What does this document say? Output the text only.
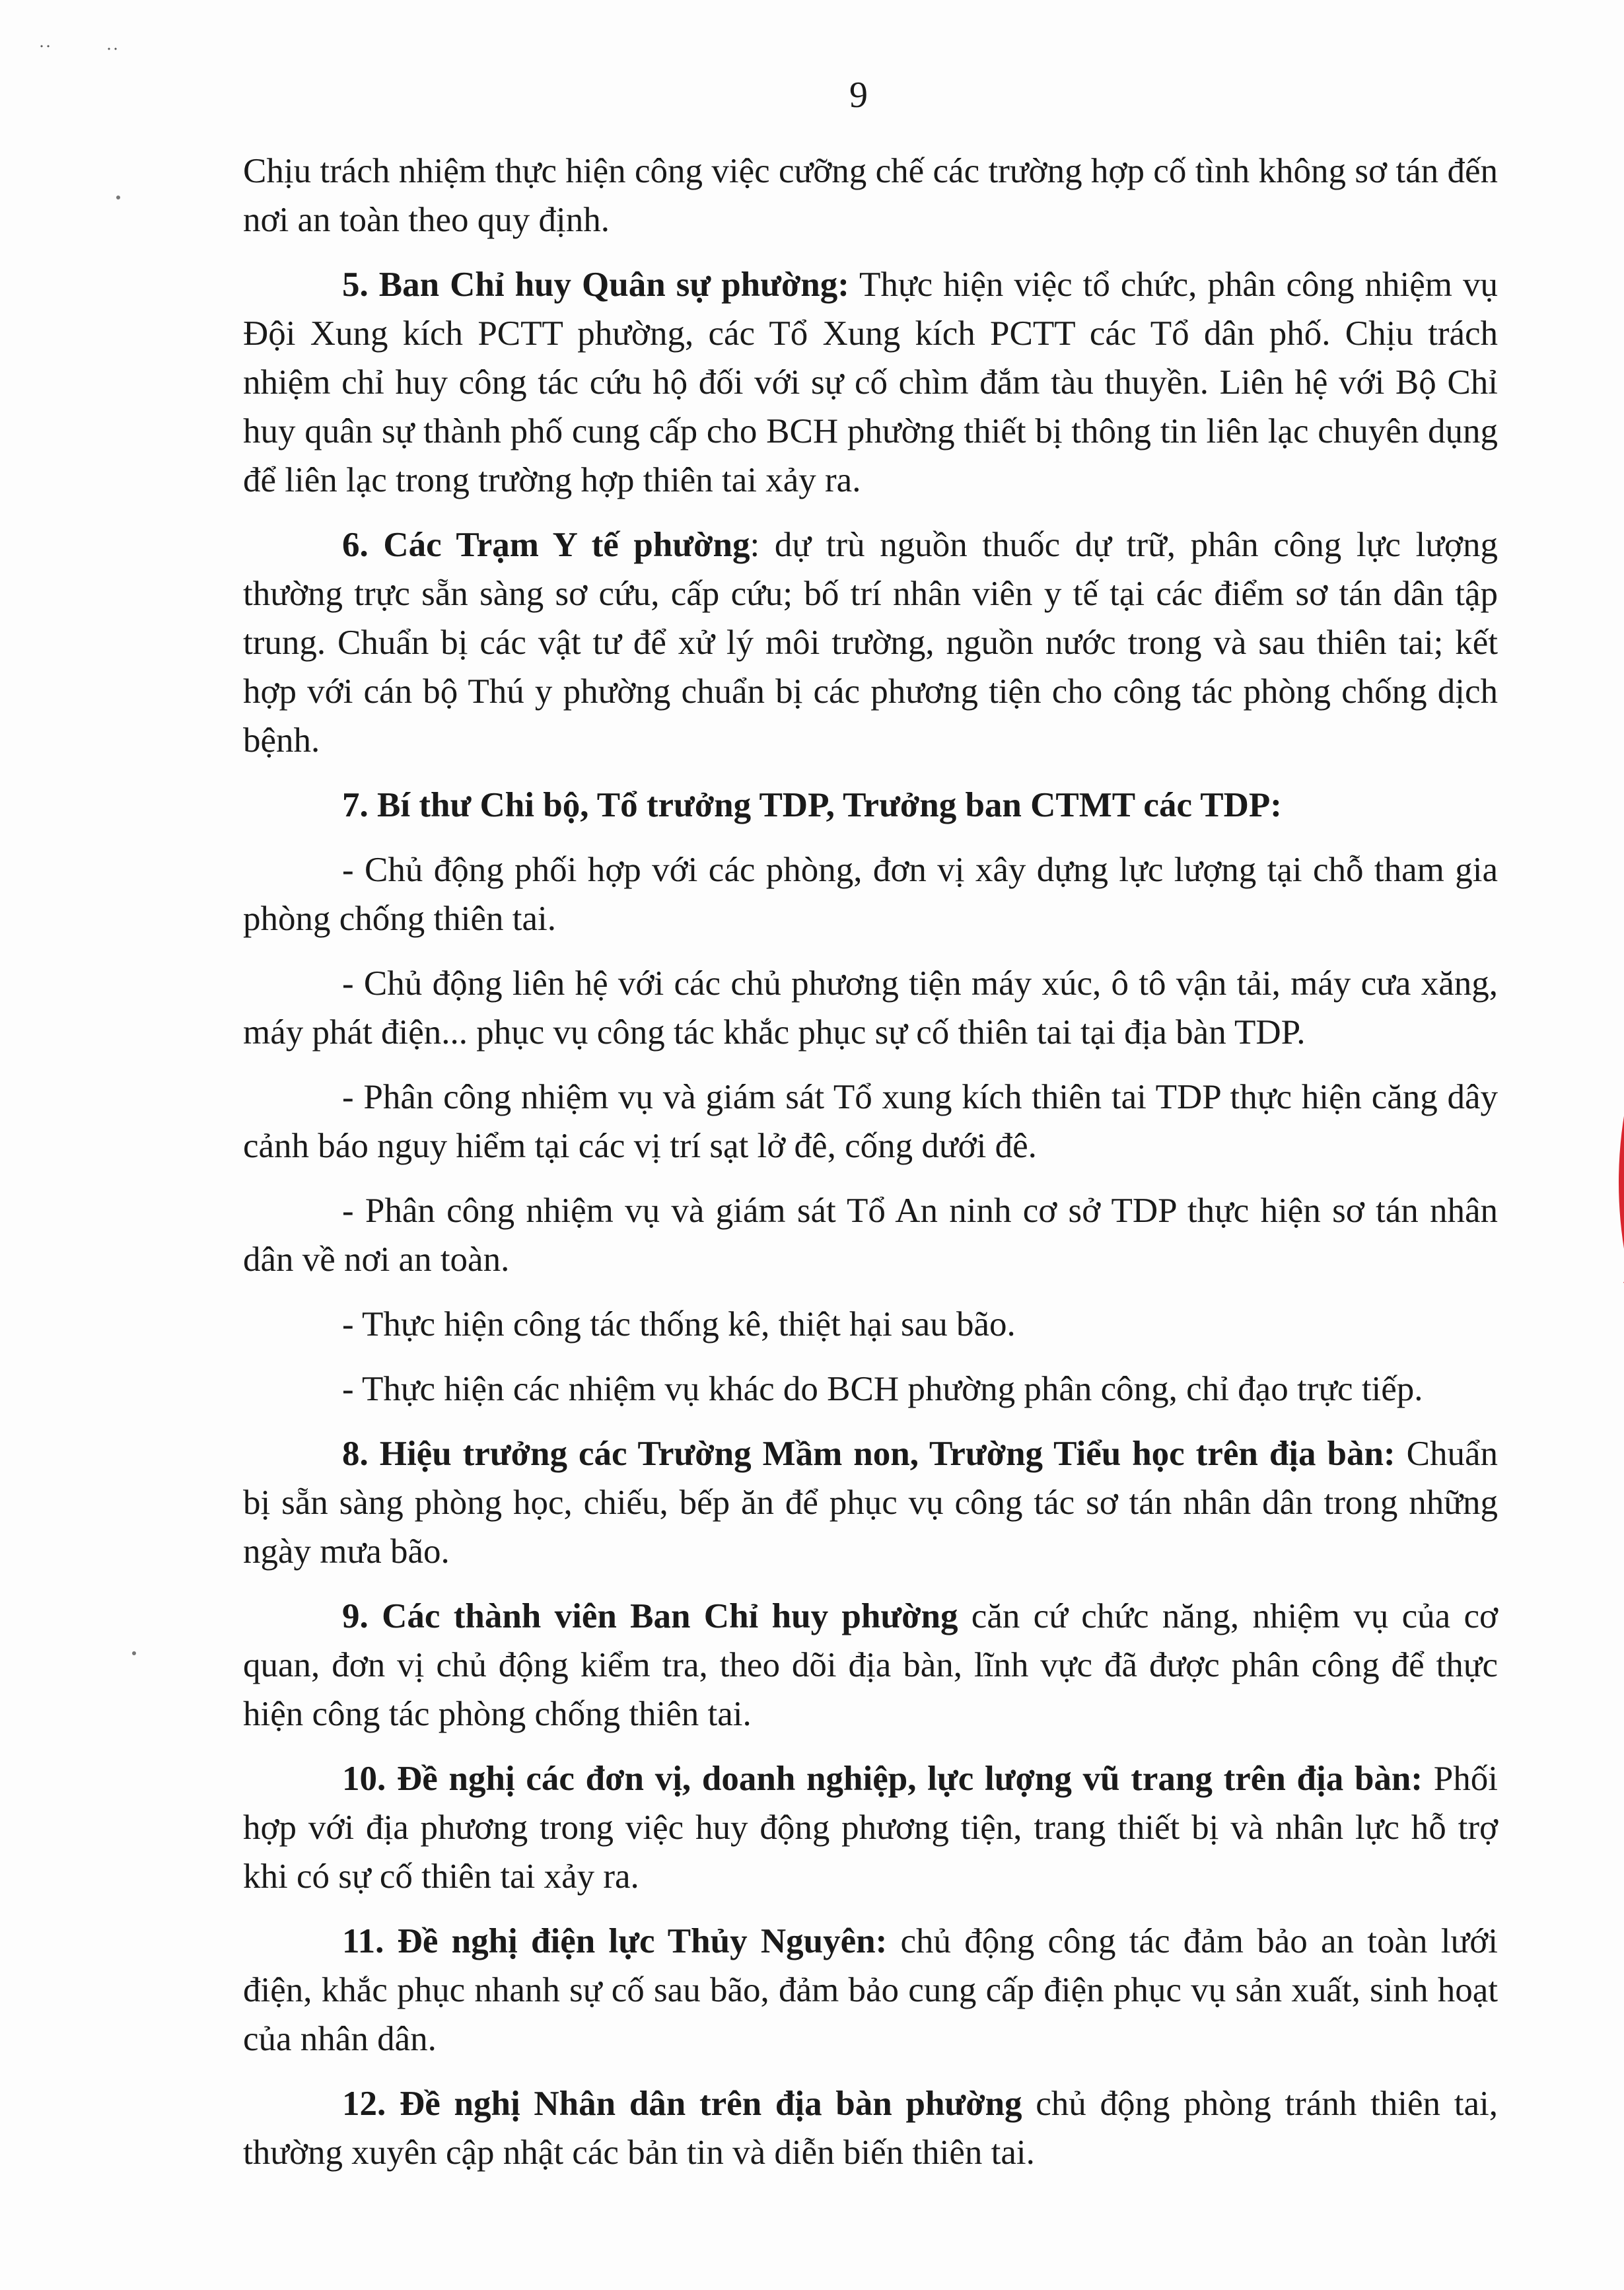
˙˙	˙˙
9

Chịu trách nhiệm thực hiện công việc cưỡng chế các trường hợp cố tình không sơ tán đến nơi an toàn theo quy định.

5. Ban Chỉ huy Quân sự phường: Thực hiện việc tổ chức, phân công nhiệm vụ Đội Xung kích PCTT phường, các Tổ Xung kích PCTT các Tổ dân phố. Chịu trách nhiệm chỉ huy công tác cứu hộ đối với sự cố chìm đắm tàu thuyền. Liên hệ với Bộ Chỉ huy quân sự thành phố cung cấp cho BCH phường thiết bị thông tin liên lạc chuyên dụng để liên lạc trong trường hợp thiên tai xảy ra.

6. Các Trạm Y tế phường: dự trù nguồn thuốc dự trữ, phân công lực lượng thường trực sẵn sàng sơ cứu, cấp cứu; bố trí nhân viên y tế tại các điểm sơ tán dân tập trung. Chuẩn bị các vật tư để xử lý môi trường, nguồn nước trong và sau thiên tai; kết hợp với cán bộ Thú y phường chuẩn bị các phương tiện cho công tác phòng chống dịch bệnh.

7. Bí thư Chi bộ, Tổ trưởng TDP, Trưởng ban CTMT các TDP:

- Chủ động phối hợp với các phòng, đơn vị xây dựng lực lượng tại chỗ tham gia phòng chống thiên tai.

- Chủ động liên hệ với các chủ phương tiện máy xúc, ô tô vận tải, máy cưa xăng, máy phát điện... phục vụ công tác khắc phục sự cố thiên tai tại địa bàn TDP.

- Phân công nhiệm vụ và giám sát Tổ xung kích thiên tai TDP thực hiện căng dây cảnh báo nguy hiểm tại các vị trí sạt lở đê, cống dưới đê.

- Phân công nhiệm vụ và giám sát Tổ An ninh cơ sở TDP thực hiện sơ tán nhân dân về nơi an toàn.

- Thực hiện công tác thống kê, thiệt hại sau bão.

- Thực hiện các nhiệm vụ khác do BCH phường phân công, chỉ đạo trực tiếp.

8. Hiệu trưởng các Trường Mầm non, Trường Tiểu học trên địa bàn: Chuẩn bị sẵn sàng phòng học, chiếu, bếp ăn để phục vụ công tác sơ tán nhân dân trong những ngày mưa bão.

9. Các thành viên Ban Chỉ huy phường căn cứ chức năng, nhiệm vụ của cơ quan, đơn vị chủ động kiểm tra, theo dõi địa bàn, lĩnh vực đã được phân công để thực hiện công tác phòng chống thiên tai.

10. Đề nghị các đơn vị, doanh nghiệp, lực lượng vũ trang trên địa bàn: Phối hợp với địa phương trong việc huy động phương tiện, trang thiết bị và nhân lực hỗ trợ khi có sự cố thiên tai xảy ra.

11. Đề nghị điện lực Thủy Nguyên: chủ động công tác đảm bảo an toàn lưới điện, khắc phục nhanh sự cố sau bão, đảm bảo cung cấp điện phục vụ sản xuất, sinh hoạt của nhân dân.

12. Đề nghị Nhân dân trên địa bàn phường chủ động phòng tránh thiên tai, thường xuyên cập nhật các bản tin và diễn biến thiên tai.
